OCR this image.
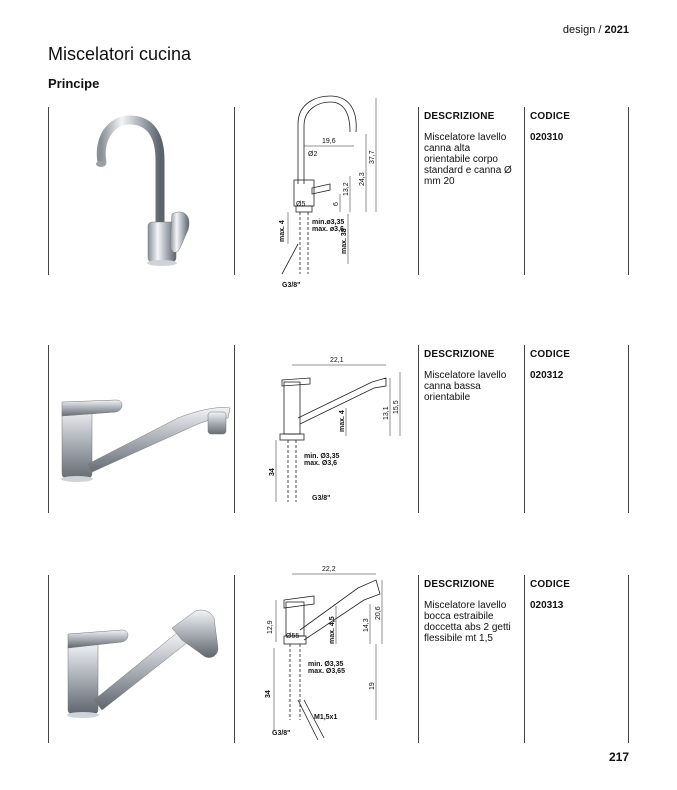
design / 2021
Miscelatori cucina
Principe
19,6
Ø2	37,7
24,3
13,2
6
Ø5
min.ø3,35
max. ø3,6
max. 4	max. 38
G3/8"
DESCRIZIONE	CODICE
Miscelatore lavello canna alta orientabile corpo standard e canna Ø mm 20
020310
22,1
13,1 15,5
max. 4
min. Ø3,35
max. Ø3,6
34
G3/8"
DESCRIZIONE	CODICE
Miscelatore lavello canna bassa orientabile
020312
22,2
12,9
Ø55	max. 4,5	14,3
20,6
min. Ø3,35
max. Ø3,65
19
34
M1,5x1
G3/8"
DESCRIZIONE	CODICE
Miscelatore lavello bocca estraibile doccetta abs 2 getti flessibile mt 1,5
020313
217
